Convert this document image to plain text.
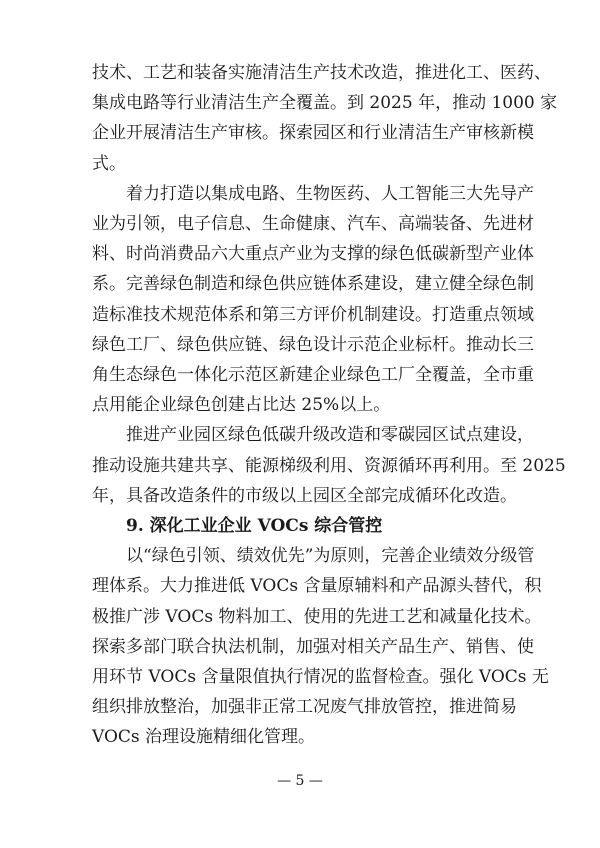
技术、工艺和装备实施清洁生产技术改造，推进化工、医药、
集成电路等行业清洁生产全覆盖。到 2025 年，推动 1000 家
企业开展清洁生产审核。探索园区和行业清洁生产审核新模
式。
　　着力打造以集成电路、生物医药、人工智能三大先导产
业为引领，电子信息、生命健康、汽车、高端装备、先进材
料、时尚消费品六大重点产业为支撑的绿色低碳新型产业体
系。完善绿色制造和绿色供应链体系建设，建立健全绿色制
造标准技术规范体系和第三方评价机制建设。打造重点领域
绿色工厂、绿色供应链、绿色设计示范企业标杆。推动长三
角生态绿色一体化示范区新建企业绿色工厂全覆盖，全市重
点用能企业绿色创建占比达 25%以上。
　　推进产业园区绿色低碳升级改造和零碳园区试点建设，
推动设施共建共享、能源梯级利用、资源循环再利用。至 2025
年，具备改造条件的市级以上园区全部完成循环化改造。
　　9. 深化工业企业 VOCs 综合管控
　　以“绿色引领、绩效优先”为原则，完善企业绩效分级管
理体系。大力推进低 VOCs 含量原辅料和产品源头替代，积
极推广涉 VOCs 物料加工、使用的先进工艺和减量化技术。
探索多部门联合执法机制，加强对相关产品生产、销售、使
用环节 VOCs 含量限值执行情况的监督检查。强化 VOCs 无
组织排放整治，加强非正常工况废气排放管控，推进简易
VOCs 治理设施精细化管理。
— 5 —
